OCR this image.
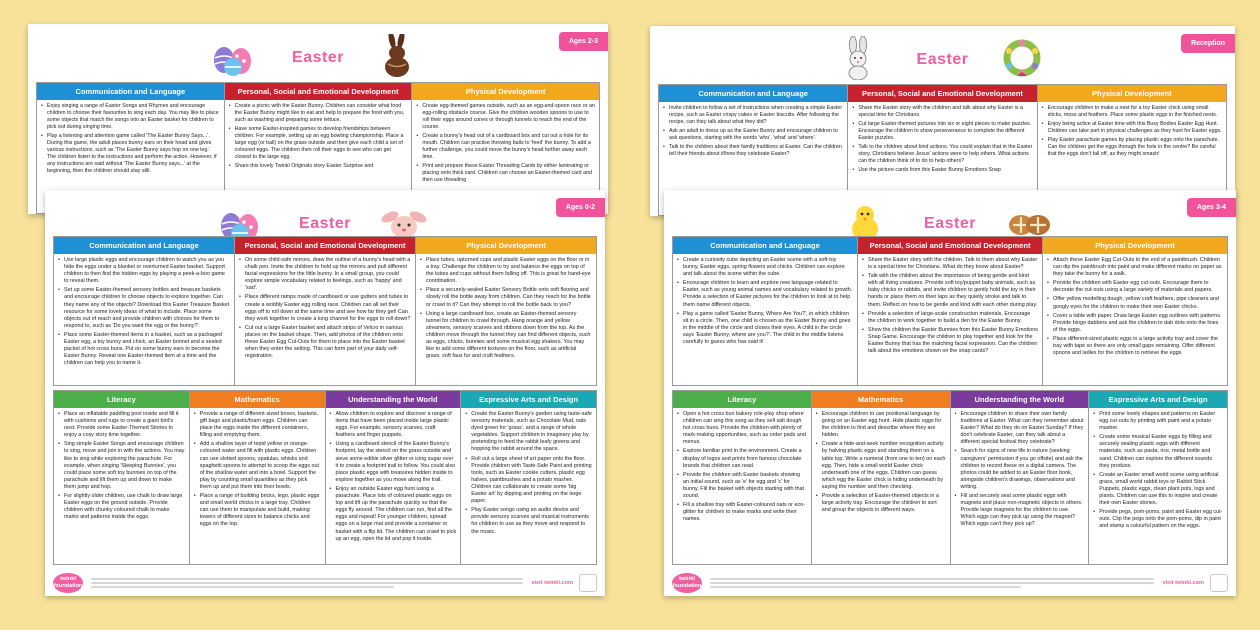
Ages 2-3
Easter
Communication and Language
• Enjoy singing a range of Easter Songs and Rhymes and encourage children to choose their favourites to sing each day. You may like to place some objects that match the songs into an Easter basket for children to pick out during singing time.
• Play a listening and attention game called 'The Easter Bunny Says...'. During this game, the adult places bunny ears on their head and gives various instructions, such as 'The Easter Bunny says hop on one leg.' The children listen to the instructions and perform the action. However, if any instructions are said without 'The Easter Bunny says...' at the beginning, then the children should stay still.
Personal, Social and Emotional Development
• Create a picnic with the Easter Bunny. Children can consider what food the Easter Bunny might like to eat and help to prepare the food with you, such as washing and preparing some lettuce.
• Have some Easter-inspired games to develop friendships between children. For example, setting up an egg bowling championship. Place a large egg (or ball) on the grass outside and then give each child a set of coloured eggs. The children then roll their eggs to see who can get closest to the large egg.
• Share this lovely Twinkl Originals story Easter Surprise and
Physical Development
• Create egg-themed games outside, such as an egg-and-spoon race or an egg-rolling obstacle course. Give the children wooden spoons to use to roll their eggs around cones or through tunnels to reach the end of the course.
• Create a bunny's head out of a cardboard box and cut out a hole for its mouth. Children can practise throwing balls to 'feed' the bunny. To add a further challenge, you could move the bunny's head further away each time.
• Print and prepare these Easter Threading Cards by either laminating or placing onto thick card. Children can choose an Easter-themed card and then use threading
Reception
Easter
Communication and Language
• Invite children to follow a set of instructions when creating a simple Easter recipe, such as Easter crispy cakes or Easter biscuits. After following the recipe, can they talk about what they did?
• Ask an adult to dress up as the Easter Bunny and encourage children to ask questions, starting with the words 'who', 'what' and 'where'.
• Talk to the children about their family traditions at Easter. Can the children tell their friends about if/how they celebrate Easter?
Personal, Social and Emotional Development
• Share the Easter story with the children and talk about why Easter is a special time for Christians.
• Cut large Easter-themed pictures into six or eight pieces to make puzzles. Encourage the children to show perseverance to complete the different Easter puzzles.
• Talk to the children about kind actions. You could explain that in the Easter story, Christians believe Jesus' actions were to help others. What actions can the children think of to do to help others?
• Use the picture cards from this Easter Bunny Emotions Snap
Physical Development
• Encourage children to make a nest for a toy Easter chick using small sticks, moss and feathers. Place some plastic eggs in the finished nests.
• Enjoy being active at Easter time with this Busy Bodies Easter Egg Hunt. Children can take part in physical challenges as they hunt for Easter eggs.
• Play Easter parachute games by placing plastic eggs onto the parachute. Can the children get the eggs through the hole in the centre? Be careful that the eggs don't fall off, as they might smash!
Ages 0-2
Easter
Communication and Language
• Use large plastic eggs and encourage children to watch you as you hide the eggs under a blanket or overturned Easter basket. Support children to then find the hidden eggs by playing a peek-a-boo game to reveal them.
• Set up some Easter-themed sensory bottles and treasure baskets and encourage children to choose objects to explore together. Can they name any of the objects? Download this Easter Treasure Basket resource for some lovely ideas of what to include. Place some objects out of reach and provide children with choices for them to respond to, such as 'Do you want the egg or the bunny?'.
• Place some Easter-themed items in a basket, such as a packaged Easter egg, a toy bunny and chick, an Easter bonnet and a sealed packet of hot cross buns. Put on some bunny ears to become the Easter Bunny. Reveal one Easter-themed item at a time and the children can help you to name it.
Personal, Social and Emotional Development
• On some child-safe mirrors, draw the outline of a bunny's head with a chalk pen. Invite the children to hold up the mirrors and pull different facial expressions for the little bunny. In a small group, you could explore simple vocabulary related to feelings, such as 'happy' and 'sad'.
• Place different ramps made of cardboard or use gutters and tubes to create a wobbly Easter egg rolling race. Children can all set their eggs off to roll down at the same time and see how far they get! Can they work together to create a long channel for the eggs to roll down?
• Cut out a large Easter basket and attach strips of Velcro in various places on the basket shape. Then, add photos of the children onto these Easter Egg Cut-Outs for them to place into the Easter basket when they enter the setting. This can form part of your daily self-registration.
Physical Development
• Place tubes, upturned cups and plastic Easter eggs on the floor or in a tray. Challenge the children to try and balance the eggs on top of the tubes and cups without them falling off. This is great for hand-eye coordination.
• Place a securely-sealed Easter Sensory Bottle onto soft flooring and slowly roll the bottle away from children. Can they reach for the bottle or crawl to it? Can they attempt to roll the bottle back to you?
• Using a large cardboard box, create an Easter-themed sensory tunnel for children to crawl through. Hang orange and yellow streamers, sensory scarves and ribbons down from the top. As the children move through the tunnel they can find different objects, such as eggs, chicks, bunnies and some musical egg shakers. You may like to add some different textures on the floor, such as artificial grass, soft faux fur and craft feathers.
Literacy
• Place an inflatable paddling pool inside and fill it with cushions and rugs to create a giant bird's nest. Provide some Easter-Themed Stories to enjoy a cosy story time together.
• Sing simple Easter Songs and encourage children to sing, move and join in with the actions. You may like to sing while exploring the parachute. For example, when singing 'Sleeping Bunnies', you could place some soft toy bunnies on top of the parachute and lift them up and down to make them jump and hop.
• For slightly older children, use chalk to draw large Easter eggs on the ground outside. Provide children with chunky coloured chalk to make marks and patterns inside the eggs.
Mathematics
• Provide a range of different-sized boxes, baskets, gift bags and plastic/foam eggs. Children can place the eggs inside the different containers, filling and emptying them.
• Add a shallow layer of tepid yellow or orange-coloured water and fill with plastic eggs. Children can use slotted spoons, spatulas, whisks and spaghetti spoons to attempt to scoop the eggs out of the shallow water and into a bowl. Support the play by counting small quantities as they pick them up and put them into their bowls.
• Place a range of building bricks, lego, plastic eggs and small world chicks in a large tray. Children can use them to manipulate and build, making towers of different sizes to balance chicks and eggs on the top.
Understanding the World
• Allow children to explore and discover a range of items that have been placed inside large plastic eggs. For example, sensory scarves, craft feathers and finger puppets.
• Using a cardboard stencil of the Easter Bunny's footprint, lay the stencil on the grass outside and sieve some edible silver glitter or icing sugar over it to create a footprint trail to follow. You could also place plastic eggs with treasures hidden inside to explore together as you move along the trail.
• Enjoy an outside Easter egg hunt using a parachute. Place lots of coloured plastic eggs on top and lift up the parachute quickly so that the eggs fly around. The children can run, find all the eggs and repeat! For younger children, spread eggs on a large mat and provide a container or basket with a flip lid. The children can crawl to pick up an egg, open the lid and pop it inside.
Expressive Arts and Design
• Create the Easter Bunny's garden using taste-safe sensory materials, such as Chocolate Mud, oats dyed green for 'grass', and a range of whole vegetables. Support children in imaginary play by pretending to feed the rabbit leafy greens and hopping the rabbit around the space.
• Roll out a large sheet of art paper onto the floor. Provide children with Taste-Safe Paint and printing tools, such as Easter cookie cutters, plastic egg halves, paintbrushes and a potato masher. Children can collaborate to create some 'big Easter art' by dipping and printing on the large paper.
• Play Easter songs using an audio device and provide sensory scarves and musical instruments for children to use as they move and respond to the music.
twinkl foundation	visit twinkl.com
Ages 3-4
Easter
Communication and Language
• Create a curiosity cube depicting an Easter scene with a soft-toy bunny, Easter eggs, spring flowers and chicks. Children can explore and talk about the scene within the cube.
• Encourage children to learn and explore new language related to Easter, such as young animal names and vocabulary related to growth. Provide a selection of Easter pictures for the children to look at to help them name different objects.
• Play a game called 'Easter Bunny, Where Are You?', in which children sit in a circle. Then, one child is chosen as the Easter Bunny and goes in the middle of the circle and closes their eyes. A child in the circle says 'Easter Bunny, where are you?'. The child in the middle listens carefully to guess who has said it!
Personal, Social and Emotional Development
• Share the Easter story with the children. Talk to them about why Easter is a special time for Christians. What do they know about Easter?
• Talk with the children about the importance of being gentle and kind with all living creatures. Provide soft toy/puppet baby animals, such as baby chicks or rabbits, and invite children to gently hold the toy in their hands or place them on their laps as they quietly stroke and talk to them. Reflect on how to be gentle and kind with each other during play.
• Provide a selection of large-scale construction materials. Encourage the children to work together to build a den for the Easter Bunny.
• Show the children the Easter Bunnies from this Easter Bunny Emotions Snap Game. Encourage the children to play together and look for the Easter Bunny that has the matching facial expression. Can the children talk about the emotions shown on the snap cards?
Physical Development
• Attach these Easter Egg Cut-Outs to the end of a paintbrush. Children can dip the paintbrush into paint and make different marks on paper as they take the bunny for a walk.
• Provide the children with Easter egg cut-outs. Encourage them to decorate the cut-outs using a large variety of materials and papers.
• Offer yellow modelling dough, yellow craft feathers, pipe cleaners and googly eyes for the children to make their own Easter chicks.
• Cover a table with paper. Draw large Easter egg outlines with patterns. Provide bingo dabbers and ask the children to dab dots onto the lines of the eggs.
• Place different-sized plastic eggs in a large activity tray and cover the tray with tape so there are only small gaps remaining. Offer different spoons and ladles for the children to retrieve the eggs.
Literacy
• Open a hot cross bun bakery role-play shop where children can sing this song as they sell salt dough hot cross buns. Provide the children with plenty of mark-making opportunities, such as order pads and menus.
• Explore familiar print in the environment. Create a display of logos and prints from famous chocolate brands that children can read.
• Provide the children with Easter baskets showing an initial sound, such as 'e' for egg and 'c' for bunny. Fill the basket with objects starting with that sound.
• Fill a shallow tray with Easter-coloured oats or eco-glitter for children to make marks and write their names.
Mathematics
• Encourage children to use positional language by going on an Easter egg hunt. Hide plastic eggs for the children to find and describe where they are hidden.
• Create a hide-and-seek number recognition activity by halving plastic eggs and standing them on a table top. Write a numeral (from one to ten) on each egg. Then, hide a small world Easter chick underneath one of the eggs. Children can guess which egg the Easter chick is hiding underneath by saying the number and then checking.
• Provide a selection of Easter-themed objects in a large activity tray. Encourage the children to sort and group the objects in different ways.
Understanding the World
• Encourage children to share their own family traditions at Easter. What can they remember about Easter? What do they do on Easter Sunday? If they don't celebrate Easter, can they talk about a different special festival they celebrate?
• Search for signs of new life in nature (seeking caregivers' permission if you go offsite) and ask the children to record these on a digital camera. The photos could be added to an Easter floor book, alongside children's drawings, observations and writing.
• Fill and securely seal some plastic eggs with magnets and place non-magnetic objects in others. Provide large magnets for the children to use. Which eggs can they pick up using the magnet? Which eggs can't they pick up?
Expressive Arts and Design
• Print some lovely shapes and patterns on Easter egg cut-outs by printing with paint and a potato masher.
• Create some musical Easter eggs by filling and securely sealing plastic eggs with different materials, such as pasta, rice, metal bottle and sand. Children can explore the different sounds they produce.
• Create an Easter small world scene using artificial grass, small world rabbit toys or Rabbit Stick Puppets, plastic eggs, clean plant pots, logs and plants. Children can use this to inspire and create their own Easter stories.
• Provide pegs, pom-poms, paint and Easter egg cut-outs. Clip the pegs onto the pom-poms, dip in paint and stamp a colourful pattern on the eggs.
twinkl foundation	visit twinkl.com
